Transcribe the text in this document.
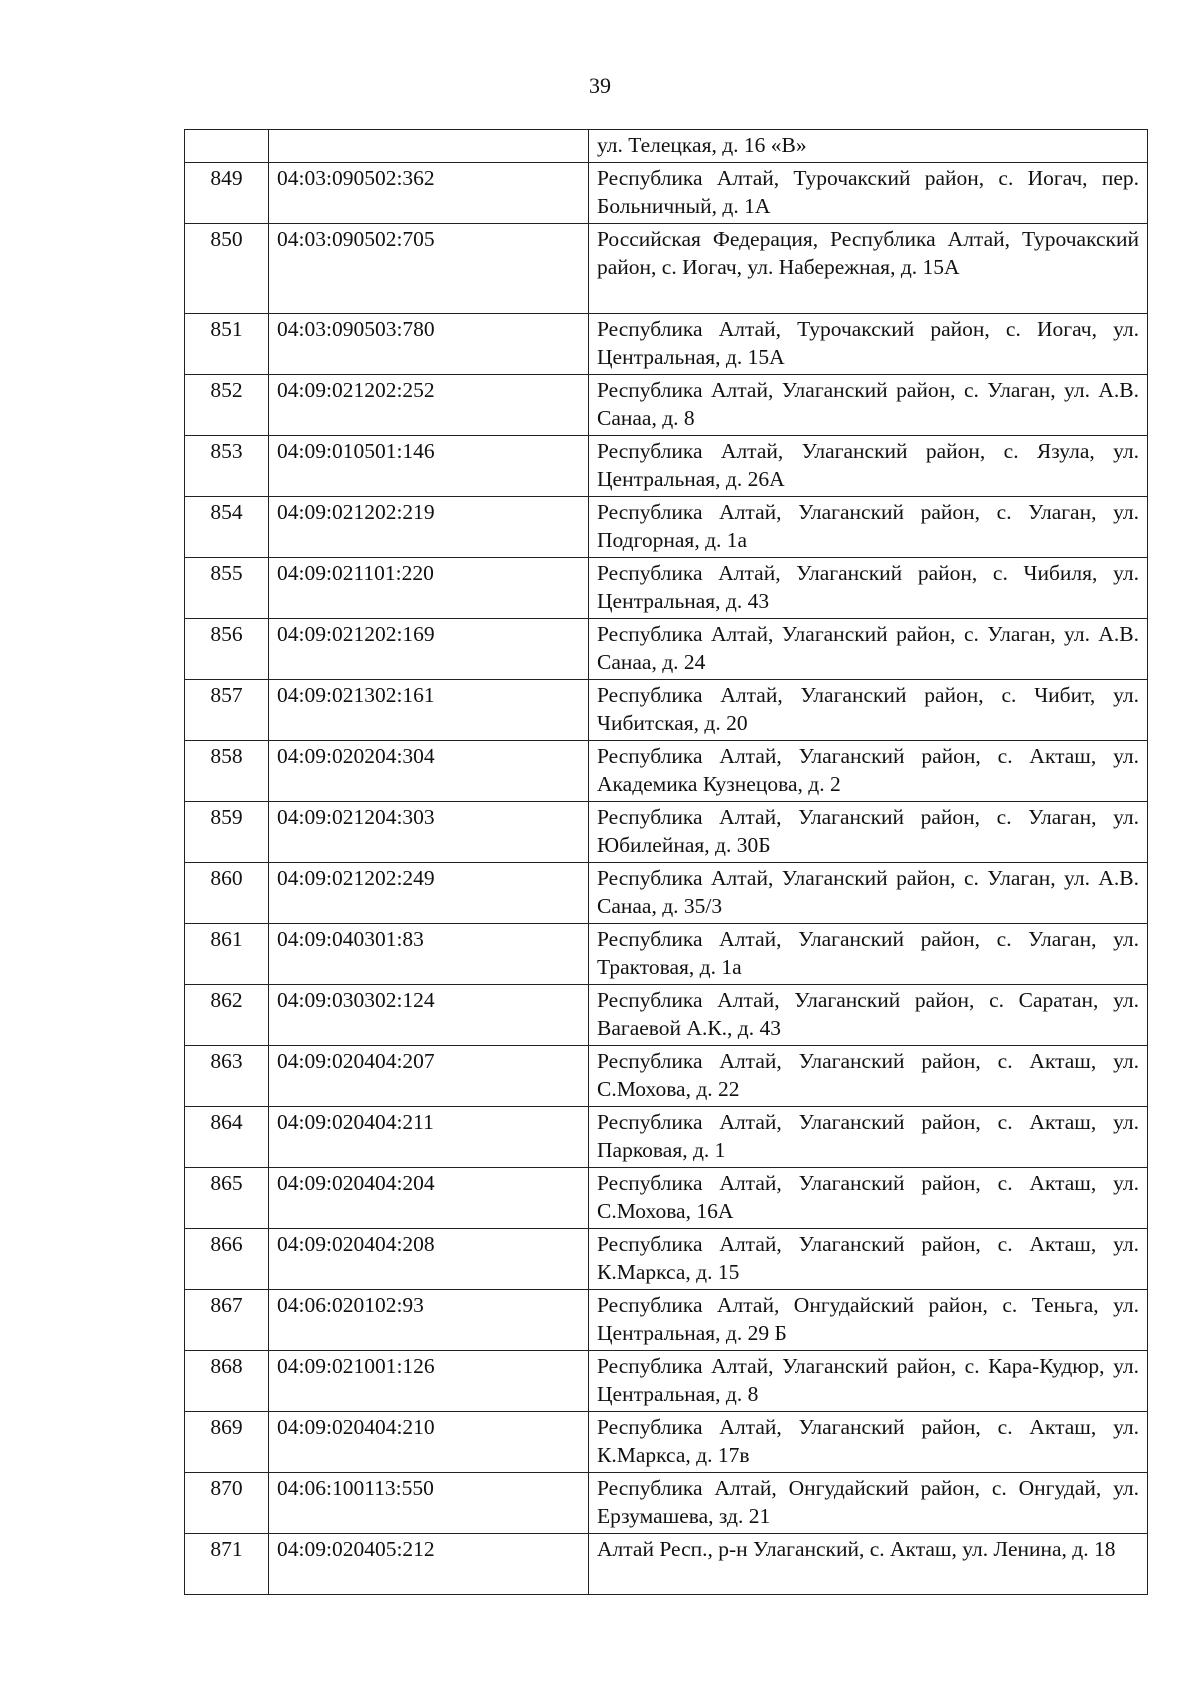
39
		ул. Телецкая, д. 16 «В»
849	04:03:090502:362	Республика Алтай, Турочакский район, с. Иогач, пер. Больничный, д. 1А
850	04:03:090502:705	Российская Федерация, Республика Алтай, Турочакский район, с. Иогач, ул. Набережная, д. 15А
851	04:03:090503:780	Республика Алтай, Турочакский район, с. Иогач, ул. Центральная, д. 15А
852	04:09:021202:252	Республика Алтай, Улаганский район, с. Улаган, ул. А.В. Санаа, д. 8
853	04:09:010501:146	Республика Алтай, Улаганский район, с. Язула, ул. Центральная, д. 26А
854	04:09:021202:219	Республика Алтай, Улаганский район, с. Улаган, ул. Подгорная, д. 1а
855	04:09:021101:220	Республика Алтай, Улаганский район, с. Чибиля, ул. Центральная, д. 43
856	04:09:021202:169	Республика Алтай, Улаганский район, с. Улаган, ул. А.В. Санаа, д. 24
857	04:09:021302:161	Республика Алтай, Улаганский район, с. Чибит, ул. Чибитская, д. 20
858	04:09:020204:304	Республика Алтай, Улаганский район, с. Акташ, ул. Академика Кузнецова, д. 2
859	04:09:021204:303	Республика Алтай, Улаганский район, с. Улаган, ул. Юбилейная, д. 30Б
860	04:09:021202:249	Республика Алтай, Улаганский район, с. Улаган, ул. А.В. Санаа, д. 35/3
861	04:09:040301:83	Республика Алтай, Улаганский район, с. Улаган, ул. Трактовая, д. 1а
862	04:09:030302:124	Республика Алтай, Улаганский район, с. Саратан, ул. Вагаевой А.К., д. 43
863	04:09:020404:207	Республика Алтай, Улаганский район, с. Акташ, ул. С.Мохова, д. 22
864	04:09:020404:211	Республика Алтай, Улаганский район, с. Акташ, ул. Парковая, д. 1
865	04:09:020404:204	Республика Алтай, Улаганский район, с. Акташ, ул. С.Мохова, 16А
866	04:09:020404:208	Республика Алтай, Улаганский район, с. Акташ, ул. К.Маркса, д. 15
867	04:06:020102:93	Республика Алтай, Онгудайский район, с. Теньга, ул. Центральная, д. 29 Б
868	04:09:021001:126	Республика Алтай, Улаганский район, с. Кара-Кудюр, ул. Центральная, д. 8
869	04:09:020404:210	Республика Алтай, Улаганский район, с. Акташ, ул. К.Маркса, д. 17в
870	04:06:100113:550	Республика Алтай, Онгудайский район, с. Онгудай, ул. Ерзумашева, зд. 21
871	04:09:020405:212	Алтай Респ., р-н Улаганский, с. Акташ, ул. Ленина, д. 18
